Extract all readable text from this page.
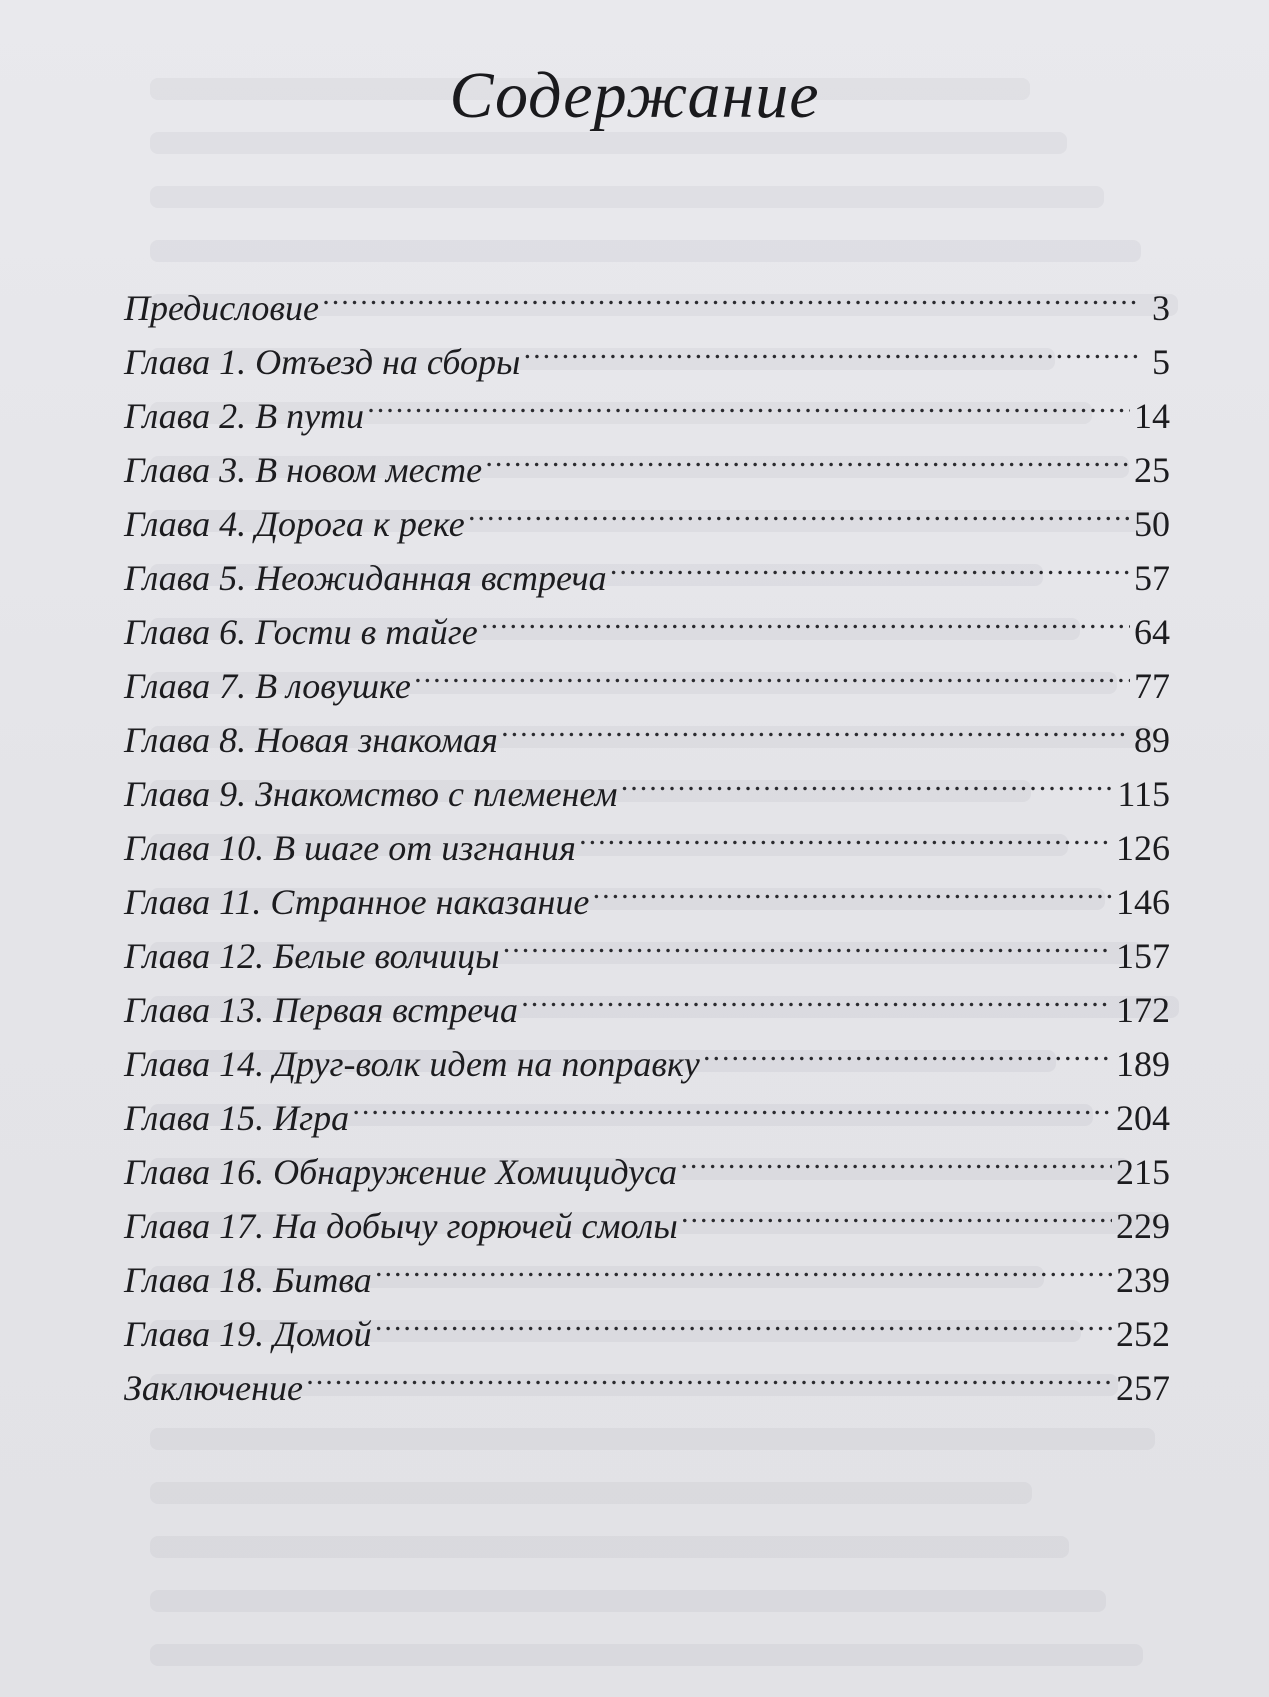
Содержание
Предисловие .....	3
Глава 1. Отъезд на сборы .....	5
Глава 2. В пути .....	14
Глава 3. В новом месте .....	25
Глава 4. Дорога к реке .....	50
Глава 5. Неожиданная встреча .....	57
Глава 6. Гости в тайге .....	64
Глава 7. В ловушке .....	77
Глава 8. Новая знакомая .....	89
Глава 9. Знакомство с племенем .....	115
Глава 10. В шаге от изгнания .....	126
Глава 11. Странное наказание .....	146
Глава 12. Белые волчицы .....	157
Глава 13. Первая встреча .....	172
Глава 14. Друг-волк идет на поправку .....	189
Глава 15. Игра .....	204
Глава 16. Обнаружение Хомицидуса .....	215
Глава 17. На добычу горючей смолы .....	229
Глава 18. Битва .....	239
Глава 19. Домой .....	252
Заключение .....	257
